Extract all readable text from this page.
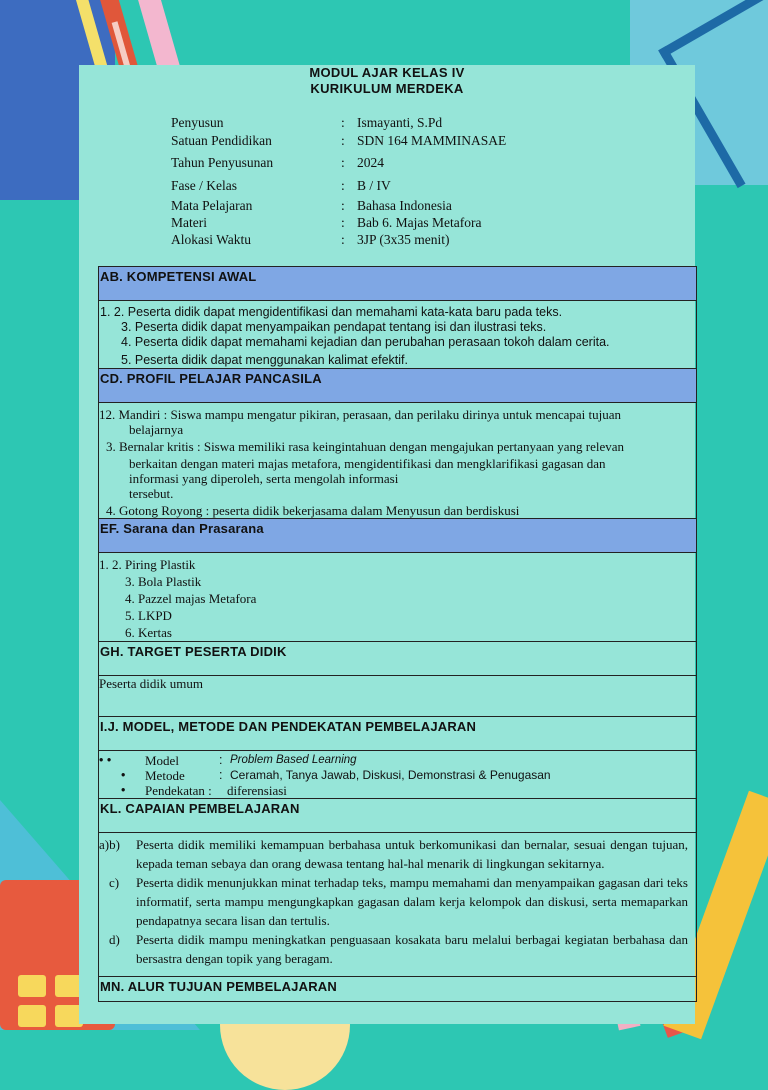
MODUL AJAR KELAS IV
KURIKULUM MERDEKA
Penyusun	: Ismayanti, S.Pd
Satuan Pendidikan	: SDN 164 MAMMINASAE
Tahun Penyusunan	: 2024
Fase / Kelas	: B / IV
Mata Pelajaran	: Bahasa Indonesia
Materi	: Bab 6. Majas Metafora
Alokasi Waktu	: 3JP (3x35 menit)
AB. KOMPETENSI AWAL

1. 2. Peserta didik dapat mengidentifikasi dan memahami kata-kata baru pada teks.
3. Peserta didik dapat menyampaikan pendapat tentang isi dan ilustrasi teks.
4. Peserta didik dapat memahami kejadian dan perubahan perasaan tokoh dalam cerita.
5. Peserta didik dapat menggunakan kalimat efektif.

CD. PROFIL PELAJAR PANCASILA

12. Mandiri : Siswa mampu mengatur pikiran, perasaan, dan perilaku dirinya untuk mencapai tujuan
belajarnya
3. Bernalar kritis : Siswa memiliki rasa keingintahuan dengan mengajukan pertanyaan yang relevan
berkaitan dengan materi majas metafora, mengidentifikasi dan mengklarifikasi gagasan dan
informasi yang diperoleh, serta mengolah informasi
tersebut.
4. Gotong Royong : peserta didik bekerjasama dalam Menyusun dan berdiskusi

EF. Sarana dan Prasarana

1. 2. Piring Plastik
3. Bola Plastik
4. Pazzel majas Metafora
5. LKPD
6. Kertas

GH. TARGET PESERTA DIDIK

Peserta didik umum

I.J. MODEL, METODE DAN PENDEKATAN PEMBELAJARAN

• •	Model	: Problem Based Learning
• Metode	: Ceramah, Tanya Jawab, Diskusi, Demonstrasi & Penugasan
• Pendekatan : diferensiasi

KL. CAPAIAN PEMBELAJARAN

a)b) Peserta didik memiliki kemampuan berbahasa untuk berkomunikasi dan bernalar, sesuai dengan tujuan, kepada teman sebaya dan orang dewasa tentang hal-hal menarik di lingkungan sekitarnya.
c) Peserta didik menunjukkan minat terhadap teks, mampu memahami dan menyampaikan gagasan dari teks informatif, serta mampu mengungkapkan gagasan dalam kerja kelompok dan diskusi, serta memaparkan pendapatnya secara lisan dan tertulis.
d) Peserta didik mampu meningkatkan penguasaan kosakata baru melalui berbagai kegiatan berbahasa dan bersastra dengan topik yang beragam.

MN. ALUR TUJUAN PEMBELAJARAN
